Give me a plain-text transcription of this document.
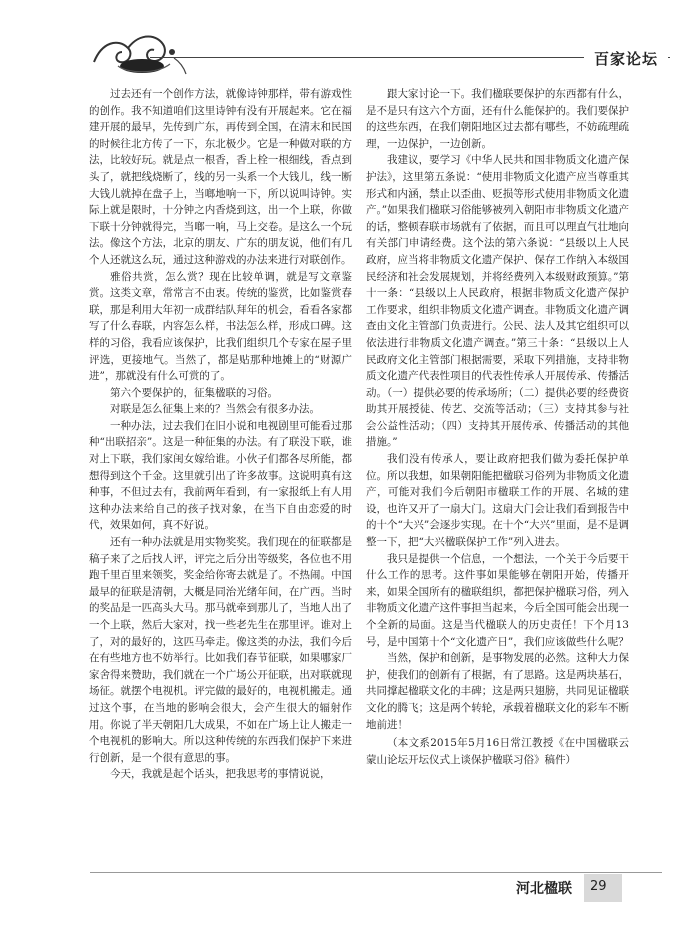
百家论坛

过去还有一个创作方法，就像诗钟那样，带有游戏性的创作。我不知道咱们这里诗钟有没有开展起来。它在福建开展的最早，先传到广东，再传到全国，在清末和民国的时候往北方传了一下，东北极少。它是一种做对联的方法，比较好玩。就是点一根香，香上栓一根细线，香点到头了，就把线烧断了，线的另一头系一个大钱儿，线一断大钱儿就掉在盘子上，当啷地响一下，所以说叫诗钟。实际上就是限时，十分钟之内香烧到这，出一个上联，你做下联十分钟就得完，当啷一响，马上交卷。是这么一个玩法。像这个方法，北京的朋友、广东的朋友说，他们有几个人还就这么玩，通过这种游戏的办法来进行对联创作。

雅俗共赏，怎么赏？现在比较单调，就是写文章鉴赏。这类文章，常常言不由衷。传统的鉴赏，比如鉴赏春联，那是利用大年初一成群结队拜年的机会，看看各家都写了什么春联，内容怎么样，书法怎么样，形成口碑。这样的习俗，我看应该保护，比我们组织几个专家在屋子里评选，更接地气。当然了，都是贴那种地摊上的“财源广进”，那就没有什么可赏的了。

第六个要保护的，征集楹联的习俗。

对联是怎么征集上来的？当然会有很多办法。

一种办法，过去我们在旧小说和电视剧里可能看过那种“出联招亲”。这是一种征集的办法。有了联没下联，谁对上下联，我们家闺女嫁给谁。小伙子们都各尽所能，都想得到这个千金。这里就引出了许多故事。这说明真有这种事，不但过去有，我前两年看到，有一家报纸上有人用这种办法来给自己的孩子找对象，在当下自由恋爱的时代，效果如何，真不好说。

还有一种办法就是用实物奖奖。我们现在的征联都是稿子来了之后找人评，评完之后分出等级奖，各位也不用跑千里百里来领奖，奖金给你寄去就是了。不热闹。中国最早的征联是清朝，大概是同治光绪年间，在广西。当时的奖品是一匹高头大马。那马就牵到那儿了，当地人出了一个上联，然后大家对，找一些老先生在那里评。谁对上了，对的最好的，这匹马牵走。像这类的办法，我们今后在有些地方也不妨举行。比如我们春节征联，如果哪家厂家舍得来赞助，我们就在一个广场公开征联，出对联就现场征。就摆个电视机。评完做的最好的，电视机搬走。通过这个事，在当地的影响会很大，会产生很大的辐射作用。你说了半天朝阳几大成果，不如在广场上让人搬走一个电视机的影响大。所以这种传统的东西我们保护下来进行创新，是一个很有意思的事。

今天，我就是起个话头，把我思考的事情说说，

跟大家讨论一下。我们楹联要保护的东西都有什么，是不是只有这六个方面，还有什么能保护的。我们要保护的这些东西，在我们朝阳地区过去都有哪些，不妨疏理疏理，一边保护，一边创新。

我建议，要学习《中华人民共和国非物质文化遗产保护法》，这里第五条说：“使用非物质文化遗产应当尊重其形式和内涵，禁止以歪曲、贬损等形式使用非物质文化遗产。”如果我们楹联习俗能够被列入朝阳市非物质文化遗产的话，整顿春联市场就有了依据，而且可以理直气壮地向有关部门申请经费。这个法的第六条说：“县级以上人民政府，应当将非物质文化遗产保护、保存工作纳入本级国民经济和社会发展规划，并将经费列入本级财政预算。”第十一条：“县级以上人民政府，根据非物质文化遗产保护工作要求，组织非物质文化遗产调查。非物质文化遗产调查由文化主管部门负责进行。公民、法人及其它组织可以依法进行非物质文化遗产调查。”第三十条：“县级以上人民政府文化主管部门根据需要，采取下列措施，支持非物质文化遗产代表性项目的代表性传承人开展传承、传播活动。（一）提供必要的传承场所；（二）提供必要的经费资助其开展授徒、传艺、交流等活动；（三）支持其参与社会公益性活动；（四）支持其开展传承、传播活动的其他措施。”

我们没有传承人，要让政府把我们做为委托保护单位。所以我想，如果朝阳能把楹联习俗列为非物质文化遗产，可能对我们今后朝阳市楹联工作的开展、名城的建设，也许又开了一扇大门。这扇大门会让我们看到报告中的十个“大兴”会逐步实现。在十个“大兴”里面，是不是调整一下，把“大兴楹联保护工作”列入进去。

我只是提供一个信息，一个想法，一个关于今后要干什么工作的思考。这件事如果能够在朝阳开始，传播开来，如果全国所有的楹联组织，都把保护楹联习俗，列入非物质文化遗产这件事担当起来，今后全国可能会出现一个全新的局面。这是当代楹联人的历史责任！下个月13号，是中国第十个“文化遗产日”，我们应该做些什么呢？

当然，保护和创新，是事物发展的必然。这种大力保护，使我们的创新有了根据，有了思路。这是两块基石，共同撑起楹联文化的丰碑；这是两只翅膀，共同见证楹联文化的腾飞；这是两个转轮，承载着楹联文化的彩车不断地前进！

（本文系2015年5月16日常江教授《在中国楹联云蒙山论坛开坛仪式上谈保护楹联习俗》稿件）

河北楹联 29
